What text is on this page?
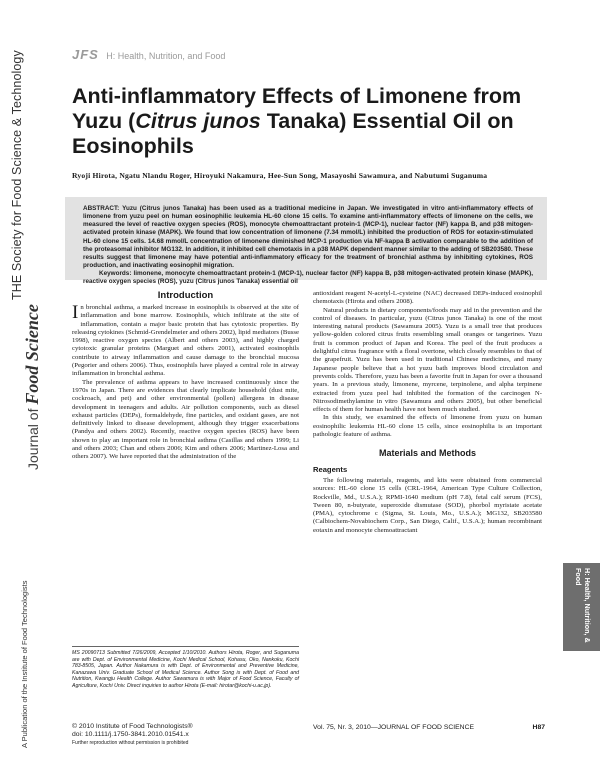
THE Society for Food Science & Technology
Journal of Food Science
A Publication of the Institute of Food Technologists
JFS H: Health, Nutrition, and Food
Anti-inflammatory Effects of Limonene from Yuzu (Citrus junos Tanaka) Essential Oil on Eosinophils
Ryoji Hirota, Ngatu Nlandu Roger, Hiroyuki Nakamura, Hee-Sun Song, Masayoshi Sawamura, and Nabutumi Suganuma

ABSTRACT: Yuzu (Citrus junos Tanaka) has been used as a traditional medicine in Japan. We investigated in vitro anti-inflammatory effects of limonene from yuzu peel on human eosinophilic leukemia HL-60 clone 15 cells. To examine anti-inflammatory effects of limonene on the cells, we measured the level of reactive oxygen species (ROS), monocyte chemoattractant protein-1 (MCP-1), nuclear factor (NF) kappa B, and p38 mitogen-activated protein kinase (MAPK). We found that low concentration of limonene (7.34 mmol/L) inhibited the production of ROS for eotaxin-stimulated HL-60 clone 15 cells. 14.68 mmol/L concentration of limonene diminished MCP-1 production via NF-kappa B activation comparable to the addition of the proteasomal inhibitor MG132. In addition, it inhibited cell chemotaxis in a p38 MAPK dependent manner similar to the adding of SB203580. These results suggest that limonene may have potential anti-inflammatory efficacy for the treatment of bronchial asthma by inhibiting cytokines, ROS production, and inactivating eosinophil migration.

Keywords: limonene, monocyte chemoattractant protein-1 (MCP-1), nuclear factor (NF) kappa B, p38 mitogen-activated protein kinase (MAPK), reactive oxygen species (ROS), yuzu (Citrus junos Tanaka) essential oil

Introduction

In bronchial asthma, a marked increase in eosinophils is observed at the site of inflammation and bone marrow. Eosinophils, which infiltrate at the site of inflammation, contain a major basic protein that has cytotoxic properties. By releasing cytokines (Schmid-Grendelmeier and others 2002), lipid mediators (Busse 1998), reactive oxygen species (Albert and others 2003), and highly charged cytotoxic granular proteins (Marguet and others 2001), activated eosinophils contribute to airway inflammation and cause damage to the bronchial mucosa (Pegorier and others 2006). Thus, eosinophils have played a central role in airway inflammation in bronchial asthma.

The prevalence of asthma appears to have increased continuously since the 1970s in Japan. There are evidences that clearly implicate household (dust mite, cockroach, and pet) and other environmental (pollen) allergens in disease development in teenagers and adults. Air pollution components, such as diesel exhaust particles (DEPs), formaldehyde, fine particles, and oxidant gases, are not definitively linked to disease development, although they trigger exacerbations (Pandya and others 2002). Recently, reactive oxygen species (ROS) have been shown to play an important role in bronchial asthma (Casillas and others 1999; Li and others 2003; Chan and others 2006; Kim and others 2006; Martinez-Losa and others 2007). We have reported that the administration of the

antioxidant reagent N-acetyl-L-cysteine (NAC) decreased DEPs-induced eosinophil chemotaxis (Hirota and others 2008).

Natural products in dietary components/foods may aid in the prevention and the control of diseases. In particular, yuzu (Citrus junos Tanaka) is one of the most interesting natural products (Sawamura 2005). Yuzu is a small tree that produces yellow-golden colored citrus fruits resembling small oranges or tangerines. Yuzu fruit is common product of Japan and Korea. The peel of the fruit produces a delightful citrus fragrance with a floral overtone, which closely resembles to that of the grapefruit. Yuzu has been used in traditional Chinese medicines, and many Japanese people believe that a hot yuzu bath improves blood circulation and prevents colds. Therefore, yuzu has been a favorite fruit in Japan for over a thousand years. In a previous study, limonene, myrcene, terpinolene, and alpha terpinene extracted from yuzu peel had inhibited the formation of the carcinogen N-Nitrosodimethylamine in vitro (Sawamura and others 2005), but other beneficial effects of them for human health have not been much studied.

In this study, we examined the effects of limonene from yuzu on human eosinophilic leukemia HL-60 clone 15 cells, since eosinophilia is an important pathologic feature of asthma.

Materials and Methods
Reagents

The following materials, reagents, and kits were obtained from commercial sources: HL-60 clone 15 cells (CRL-1964, American Type Culture Collection, Rockville, Md., U.S.A.); RPMI-1640 medium (pH 7.8), fetal calf serum (FCS), Tween 80, n-butyrate, superoxide dismutase (SOD), phorbol myristate acetate (PMA), cytochrome c (Sigma, St. Louis, Mo., U.S.A.); MG132, SB203580 (Calbiochem-Novabiochem Corp., San Diego, Calif., U.S.A.); human recombinant eotaxin and monocyte chemoattractant

MS 20090713 Submitted 7/26/2009, Accepted 1/10/2010. Authors Hirota, Roger, and Suganuma are with Dept. of Environmental Medicine, Kochi Medical School, Kohasu, Oko, Nankoku, Kochi 783-8505, Japan. Author Nakamura is with Dept. of Environmental and Preventive Medicine, Kanazawa Univ. Graduate School of Medical Science. Author Song is with Dept. of Food and Nutrition, Kwangju Health College. Author Sawamura is with Major of Food Science, Faculty of Agriculture, Kochi Univ. Direct inquiries to author Hirota (E-mail: hirotar@kochi-u.ac.jp).
© 2010 Institute of Food Technologists®
doi: 10.1111/j.1750-3841.2010.01541.x
Further reproduction without permission is prohibited
Vol. 75, Nr. 3, 2010—JOURNAL OF FOOD SCIENCE	H87
H: Health, Nutrition, & Food
